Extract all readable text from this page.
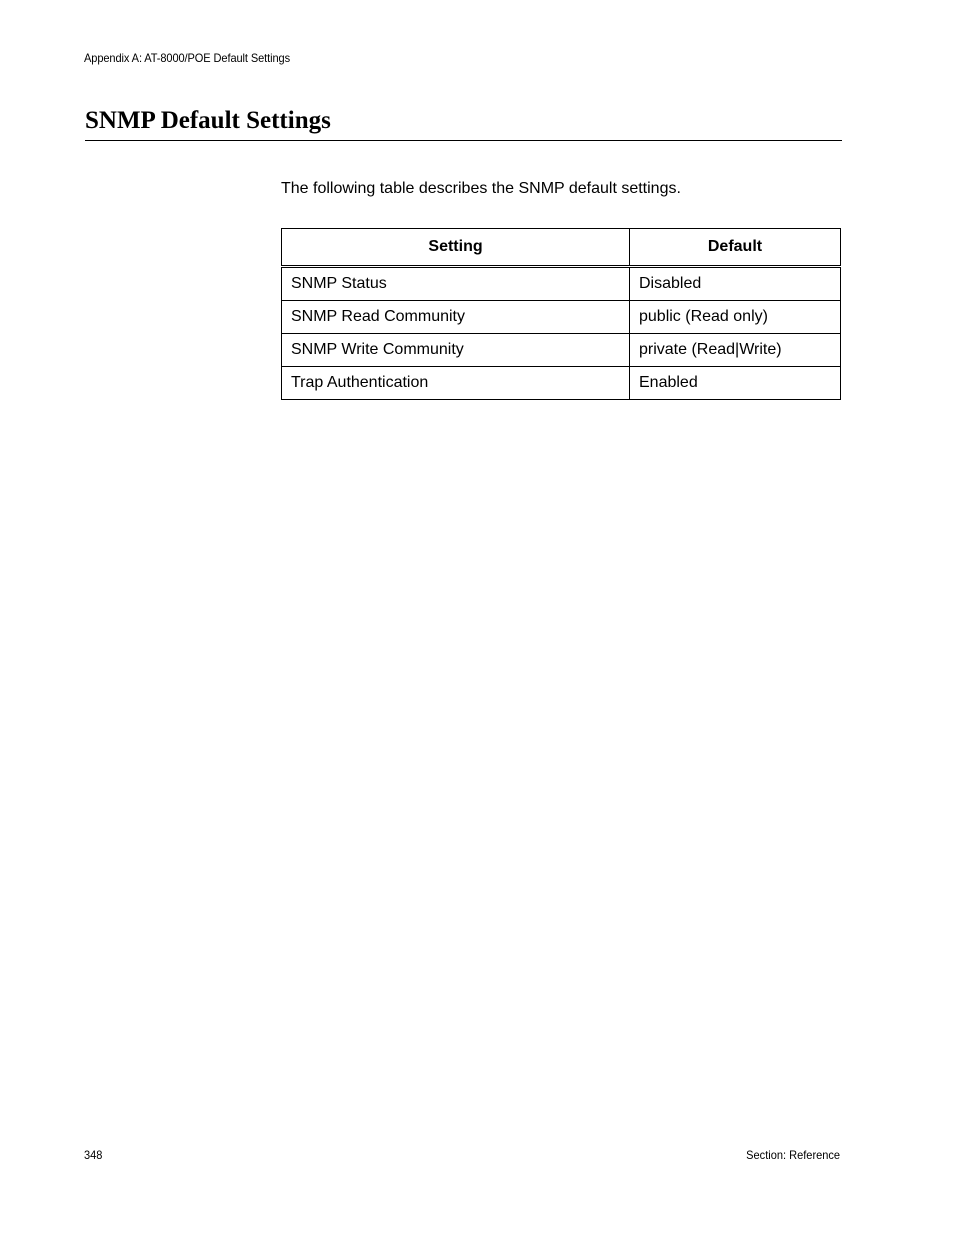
Appendix A: AT-8000/POE Default Settings
SNMP Default Settings

The following table describes the SNMP default settings.

Setting	Default
SNMP Status	Disabled
SNMP Read Community	public (Read only)
SNMP Write Community	private (Read|Write)
Trap Authentication	Enabled
348	Section: Reference
